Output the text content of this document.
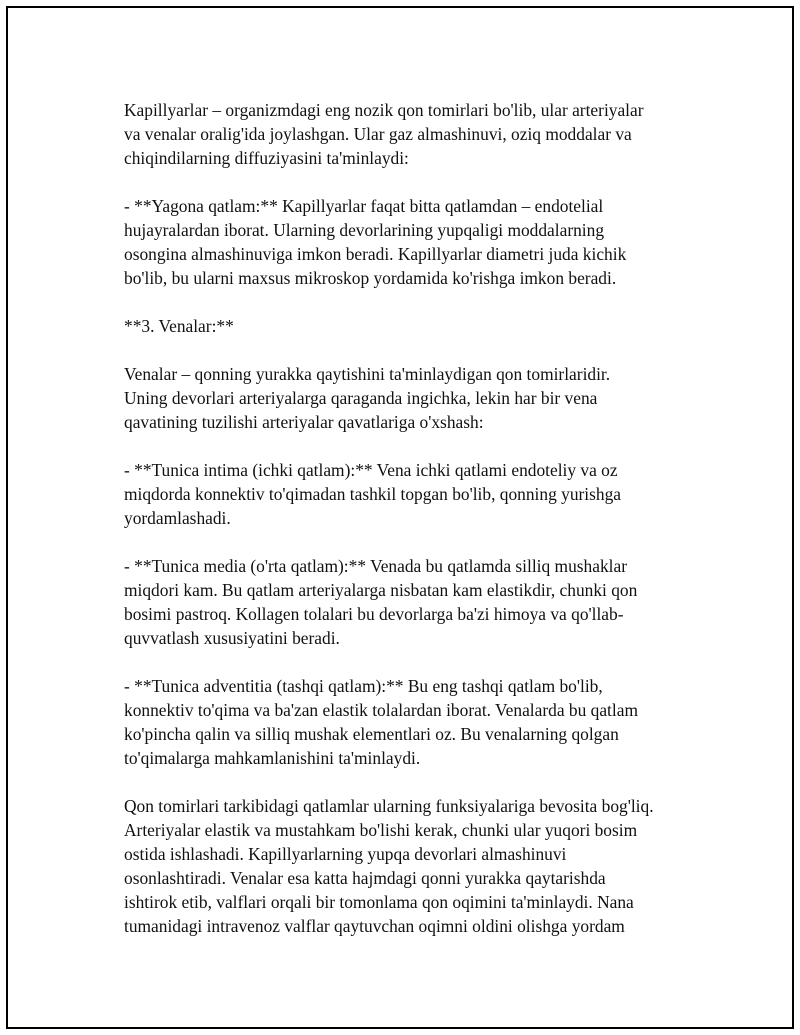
Kapillyarlar – organizmdagi eng nozik qon tomirlari bo'lib, ular arteriyalar
va venalar oralig'ida joylashgan. Ular gaz almashinuvi, oziq moddalar va
chiqindilarning diffuziyasini ta'minlaydi:

- **Yagona qatlam:** Kapillyarlar faqat bitta qatlamdan – endotelial
hujayralardan iborat. Ularning devorlarining yupqaligi moddalarning
osongina almashinuviga imkon beradi. Kapillyarlar diametri juda kichik
bo'lib, bu ularni maxsus mikroskop yordamida ko'rishga imkon beradi.

**3. Venalar:**

Venalar – qonning yurakka qaytishini ta'minlaydigan qon tomirlaridir.
Uning devorlari arteriyalarga qaraganda ingichka, lekin har bir vena
qavatining tuzilishi arteriyalar qavatlariga o'xshash:

- **Tunica intima (ichki qatlam):** Vena ichki qatlami endoteliy va oz
miqdorda konnektiv to'qimadan tashkil topgan bo'lib, qonning yurishga
yordamlashadi.

- **Tunica media (o'rta qatlam):** Venada bu qatlamda silliq mushaklar
miqdori kam. Bu qatlam arteriyalarga nisbatan kam elastikdir, chunki qon
bosimi pastroq. Kollagen tolalari bu devorlarga ba'zi himoya va qo'llab-
quvvatlash xususiyatini beradi.

- **Tunica adventitia (tashqi qatlam):** Bu eng tashqi qatlam bo'lib,
konnektiv to'qima va ba'zan elastik tolalardan iborat. Venalarda bu qatlam
ko'pincha qalin va silliq mushak elementlari oz. Bu venalarning qolgan
to'qimalarga mahkamlanishini ta'minlaydi.

Qon tomirlari tarkibidagi qatlamlar ularning funksiyalariga bevosita bog'liq.
Arteriyalar elastik va mustahkam bo'lishi kerak, chunki ular yuqori bosim
ostida ishlashadi. Kapillyarlarning yupqa devorlari almashinuvi
osonlashtiradi. Venalar esa katta hajmdagi qonni yurakka qaytarishda
ishtirok etib, valflari orqali bir tomonlama qon oqimini ta'minlaydi. Nana
tumanidagi intravenoz valflar qaytuvchan oqimni oldini olishga yordam
